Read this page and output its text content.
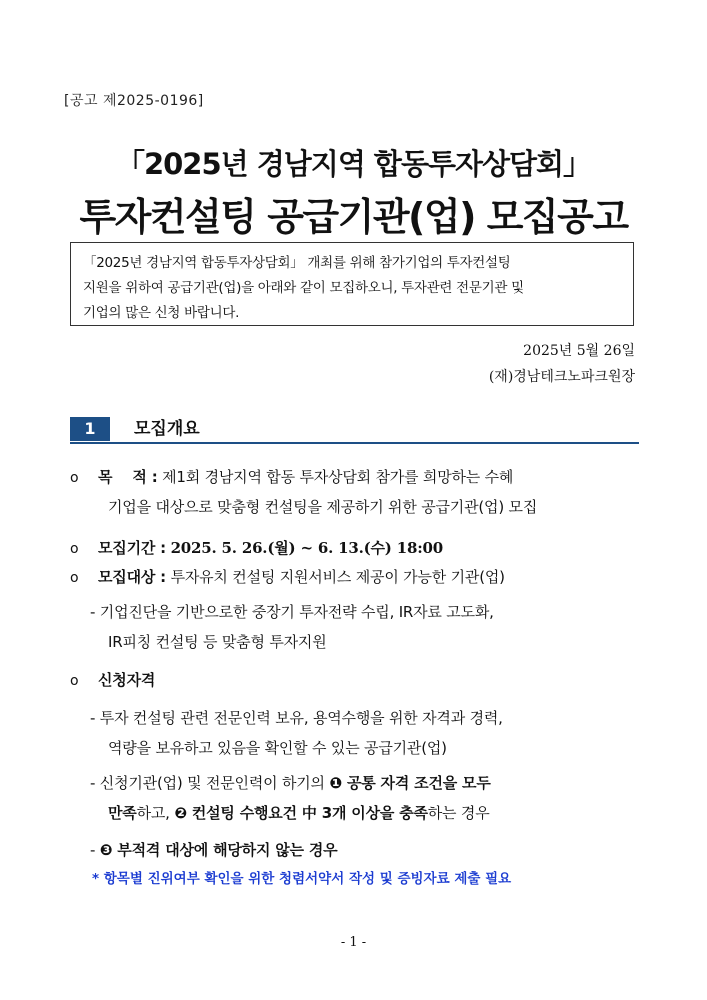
[공고 제2025-0196]
「2025년 경남지역 합동투자상담회」
투자컨설팅 공급기관(업) 모집공고
「2025년 경남지역 합동투자상담회」 개최를 위해 참가기업의 투자컨설팅
지원을 위하여 공급기관(업)을 아래와 같이 모집하오니, 투자관련 전문기관 및
기업의 많은 신청 바랍니다.
2025년 5월 26일
(재)경남테크노파크원장
1	모집개요
o 목    적 : 제1회 경남지역 합동 투자상담회 참가를 희망하는 수혜
기업을 대상으로 맞춤형 컨설팅을 제공하기 위한 공급기관(업) 모집
o 모집기간 : 2025. 5. 26.(월) ~ 6. 13.(수) 18:00
o 모집대상 : 투자유치 컨설팅 지원서비스 제공이 가능한 기관(업)
- 기업진단을 기반으로한 중장기 투자전략 수립, IR자료 고도화,
IR피칭 컨설팅 등 맞춤형 투자지원
o 신청자격
- 투자 컨설팅 관련 전문인력 보유, 용역수행을 위한 자격과 경력,
역량을 보유하고 있음을 확인할 수 있는 공급기관(업)
- 신청기관(업) 및 전문인력이 하기의 ❶ 공통 자격 조건을 모두
만족하고, ❷ 컨설팅 수행요건 中 3개 이상을 충족하는 경우
- ❸ 부적격 대상에 해당하지 않는 경우
* 항목별 진위여부 확인을 위한 청렴서약서 작성 및 증빙자료 제출 필요
- 1 -
